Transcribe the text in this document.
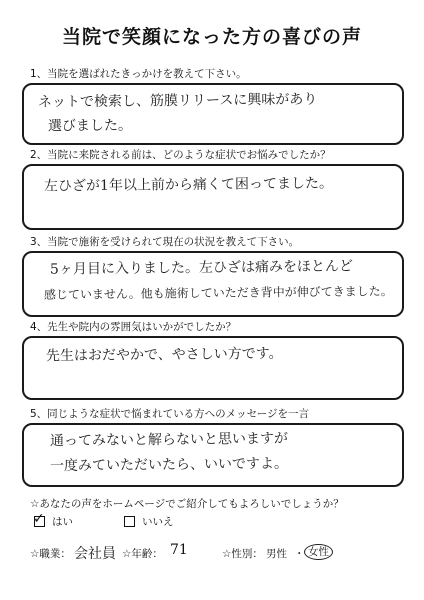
当院で笑顔になった方の喜びの声
1、当院を選ばれたきっかけを教えて下さい。
ネットで検索し、筋膜リリースに興味があり
選びました。
2、当院に来院される前は、どのような症状でお悩みでしたか？
左ひざが1年以上前から痛くて困ってました。
3、当院で施術を受けられて現在の状況を教えて下さい。
5ヶ月目に入りました。左ひざは痛みをほとんど
感じていません。他も施術していただき背中が伸びてきました。
4、先生や院内の雰囲気はいかがでしたか？
先生はおだやかで、やさしい方です。
5、同じような症状で悩まれている方へのメッセージを一言
通ってみないと解らないと思いますが
一度みていただいたら、いいですよ。
☆あなたの声をホームページでご紹介してもよろしいでしょうか？
✓ はい	いいえ
☆職業： 会社員 ☆年齢： 71	☆性別： 男性 ・ 女性
